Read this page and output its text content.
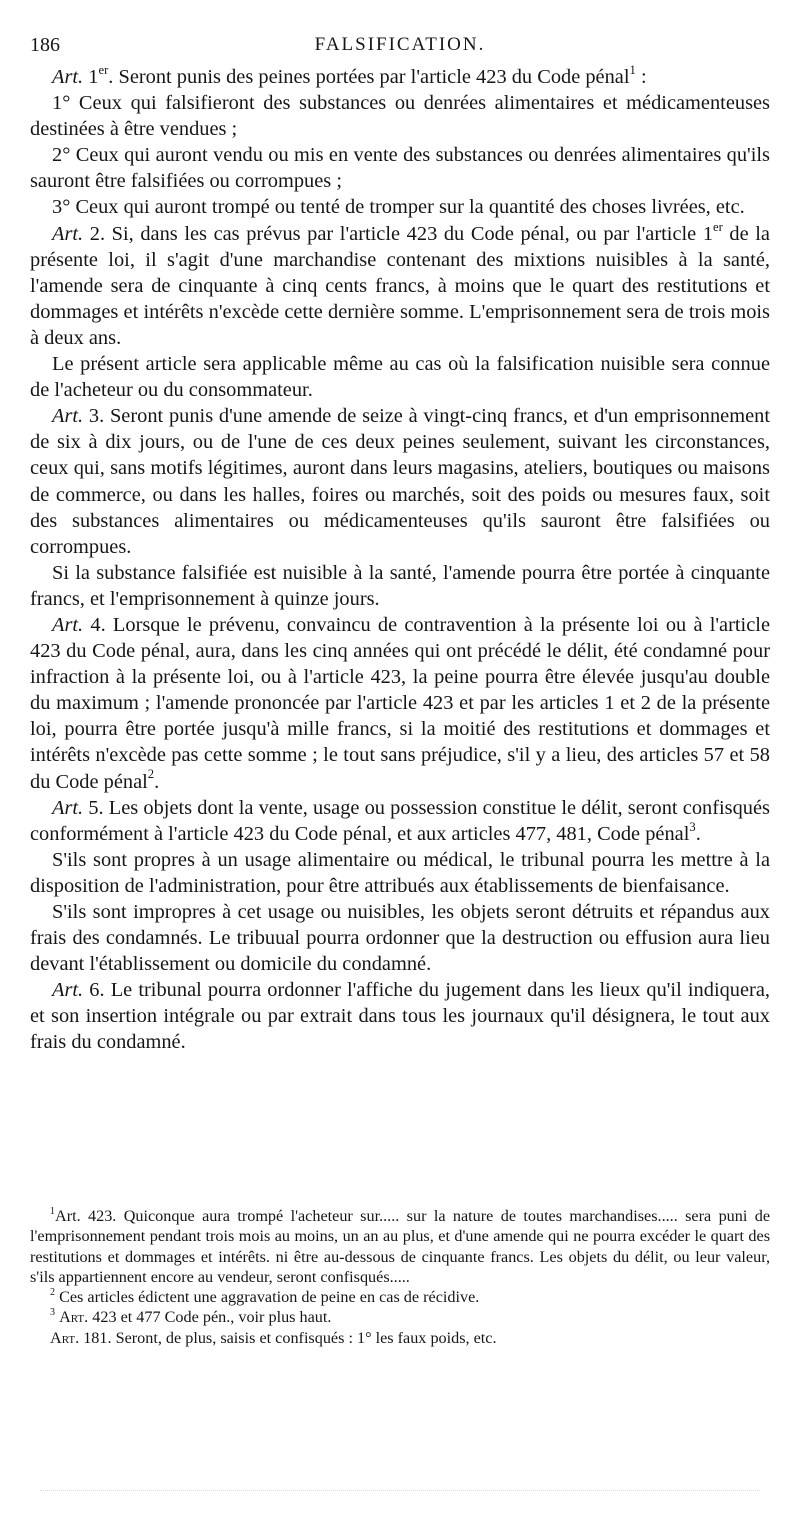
186	FALSIFICATION.

Art. 1er. Seront punis des peines portées par l'article 423 du Code pénal$^1$ :

1° Ceux qui falsifieront des substances ou denrées alimentaires et médicamenteuses destinées à être vendues ;

2° Ceux qui auront vendu ou mis en vente des substances ou denrées alimentaires qu'ils sauront être falsifiées ou corrompues ;

3° Ceux qui auront trompé ou tenté de tromper sur la quantité des choses livrées, etc.

Art. 2. Si, dans les cas prévus par l'article 423 du Code pénal, ou par l'article 1er de la présente loi, il s'agit d'une marchandise contenant des mixtions nuisibles à la santé, l'amende sera de cinquante à cinq cents francs, à moins que le quart des restitutions et dommages et intérêts n'excède cette dernière somme. L'emprisonnement sera de trois mois à deux ans.

Le présent article sera applicable même au cas où la falsification nuisible sera connue de l'acheteur ou du consommateur.

Art. 3. Seront punis d'une amende de seize à vingt-cinq francs, et d'un emprisonnement de six à dix jours, ou de l'une de ces deux peines seulement, suivant les circonstances, ceux qui, sans motifs légitimes, auront dans leurs magasins, ateliers, boutiques ou maisons de commerce, ou dans les halles, foires ou marchés, soit des poids ou mesures faux, soit des substances alimentaires ou médicamenteuses qu'ils sauront être falsifiées ou corrompues.

Si la substance falsifiée est nuisible à la santé, l'amende pourra être portée à cinquante francs, et l'emprisonnement à quinze jours.

Art. 4. Lorsque le prévenu, convaincu de contravention à la présente loi ou à l'article 423 du Code pénal, aura, dans les cinq années qui ont précédé le délit, été condamné pour infraction à la présente loi, ou à l'article 423, la peine pourra être élevée jusqu'au double du maximum ; l'amende prononcée par l'article 423 et par les articles 1 et 2 de la présente loi, pourra être portée jusqu'à mille francs, si la moitié des restitutions et dommages et intérêts n'excède pas cette somme ; le tout sans préjudice, s'il y a lieu, des articles 57 et 58 du Code pénal$^2$.

Art. 5. Les objets dont la vente, usage ou possession constitue le délit, seront confisqués conformément à l'article 423 du Code pénal, et aux articles 477, 481, Code pénal$^3$.

S'ils sont propres à un usage alimentaire ou médical, le tribunal pourra les mettre à la disposition de l'administration, pour être attribués aux établissements de bienfaisance.

S'ils sont impropres à cet usage ou nuisibles, les objets seront détruits et répandus aux frais des condamnés. Le tribuual pourra ordonner que la destruction ou effusion aura lieu devant l'établissement ou domicile du condamné.

Art. 6. Le tribunal pourra ordonner l'affiche du jugement dans les lieux qu'il indiquera, et son insertion intégrale ou par extrait dans tous les journaux qu'il désignera, le tout aux frais du condamné.

$^1$Art. 423. Quiconque aura trompé l'acheteur sur..... sur la nature de toutes marchandises..... sera puni de l'emprisonnement pendant trois mois au moins, un an au plus, et d'une amende qui ne pourra excéder le quart des restitutions et dommages et intérêts. ni être au-dessous de cinquante francs. Les objets du délit, ou leur valeur, s'ils appartiennent encore au vendeur, seront confisqués.....

$^2$ Ces articles édictent une aggravation de peine en cas de récidive.

$^3$ Art. 423 et 477 Code pén., voir plus haut.

Art. 181. Seront, de plus, saisis et confisqués : 1° les faux poids, etc.
